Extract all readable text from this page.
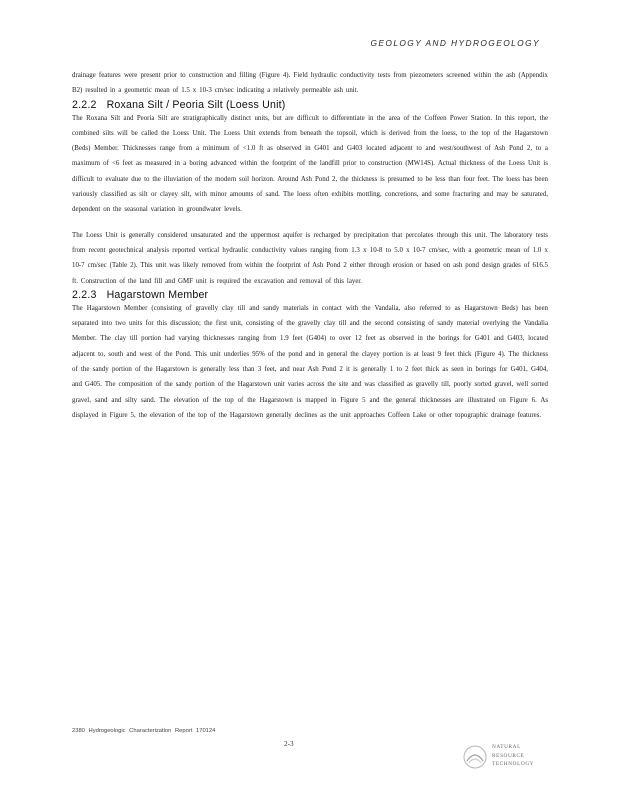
GEOLOGY AND HYDROGEOLOGY

drainage features were present prior to construction and filling (Figure 4). Field hydraulic conductivity tests from piezometers screened within the ash (Appendix B2) resulted in a geometric mean of 1.5 x 10-3 cm/sec indicating a relatively permeable ash unit.

2.2.2 Roxana Silt / Peoria Silt (Loess Unit)

The Roxana Silt and Peoria Silt are stratigraphically distinct units, but are difficult to differentiate in the area of the Coffeen Power Station. In this report, the combined silts will be called the Loess Unit. The Loess Unit extends from beneath the topsoil, which is derived from the loess, to the top of the Hagarstown (Beds) Member. Thicknesses range from a minimum of <1.0 ft as observed in G401 and G403 located adjacent to and west/southwest of Ash Pond 2, to a maximum of <6 feet as measured in a boring advanced within the footprint of the landfill prior to construction (MW14S). Actual thickness of the Loess Unit is difficult to evaluate due to the illuviation of the modern soil horizon. Around Ash Pond 2, the thickness is presumed to be less than four feet. The loess has been variously classified as silt or clayey silt, with minor amounts of sand. The loess often exhibits mottling, concretions, and some fracturing and may be saturated, dependent on the seasonal variation in groundwater levels.

The Loess Unit is generally considered unsaturated and the uppermost aquifer is recharged by precipitation that percolates through this unit. The laboratory tests from recent geotechnical analysis reported vertical hydraulic conductivity values ranging from 1.3 x 10-8 to 5.0 x 10-7 cm/sec, with a geometric mean of 1.0 x 10-7 cm/sec (Table 2). This unit was likely removed from within the footprint of Ash Pond 2 either through erosion or based on ash pond design grades of 616.5 ft. Construction of the land fill and GMF unit is required the excavation and removal of this layer.

2.2.3 Hagarstown Member

The Hagarstown Member (consisting of gravelly clay till and sandy materials in contact with the Vandalia, also referred to as Hagarstown Beds) has been separated into two units for this discussion; the first unit, consisting of the gravelly clay till and the second consisting of sandy material overlying the Vandalia Member. The clay till portion had varying thicknesses ranging from 1.9 feet (G404) to over 12 feet as observed in the borings for G401 and G403, located adjacent to, south and west of the Pond. This unit underlies 95% of the pond and in general the clayey portion is at least 9 feet thick (Figure 4). The thickness of the sandy portion of the Hagarstown is generally less than 3 feet, and near Ash Pond 2 it is generally 1 to 2 feet thick as seen in borings for G401, G404, and G405. The composition of the sandy portion of the Hagarstown unit varies across the site and was classified as gravelly till, poorly sorted gravel, well sorted gravel, sand and silty sand. The elevation of the top of the Hagarstown is mapped in Figure 5 and the general thicknesses are illustrated on Figure 6. As displayed in Figure 5, the elevation of the top of the Hagarstown generally declines as the unit approaches Coffeen Lake or other topographic drainage features.

2380 Hydrogeologic Characterization Report 170124
2-3	NATURAL
RESOURCE
TECHNOLOGY
